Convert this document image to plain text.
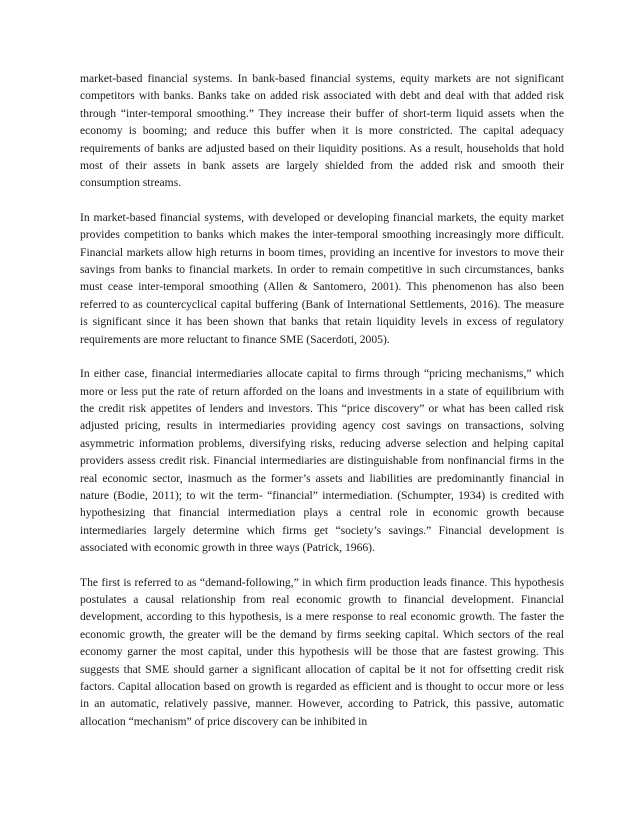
market-based financial systems. In bank-based financial systems, equity markets are not significant competitors with banks. Banks take on added risk associated with debt and deal with that added risk through “inter-temporal smoothing.” They increase their buffer of short-term liquid assets when the economy is booming; and reduce this buffer when it is more constricted. The capital adequacy requirements of banks are adjusted based on their liquidity positions. As a result, households that hold most of their assets in bank assets are largely shielded from the added risk and smooth their consumption streams.

In market-based financial systems, with developed or developing financial markets, the equity market provides competition to banks which makes the inter-temporal smoothing increasingly more difficult. Financial markets allow high returns in boom times, providing an incentive for investors to move their savings from banks to financial markets. In order to remain competitive in such circumstances, banks must cease inter-temporal smoothing (Allen & Santomero, 2001). This phenomenon has also been referred to as countercyclical capital buffering (Bank of International Settlements, 2016). The measure is significant since it has been shown that banks that retain liquidity levels in excess of regulatory requirements are more reluctant to finance SME (Sacerdoti, 2005).

In either case, financial intermediaries allocate capital to firms through “pricing mechanisms,” which more or less put the rate of return afforded on the loans and investments in a state of equilibrium with the credit risk appetites of lenders and investors. This “price discovery” or what has been called risk adjusted pricing, results in intermediaries providing agency cost savings on transactions, solving asymmetric information problems, diversifying risks, reducing adverse selection and helping capital providers assess credit risk. Financial intermediaries are distinguishable from nonfinancial firms in the real economic sector, inasmuch as the former’s assets and liabilities are predominantly financial in nature (Bodie, 2011); to wit the term- “financial” intermediation. (Schumpter, 1934) is credited with hypothesizing that financial intermediation plays a central role in economic growth because intermediaries largely determine which firms get “society’s savings.” Financial development is associated with economic growth in three ways (Patrick, 1966).

The first is referred to as “demand-following,” in which firm production leads finance. This hypothesis postulates a causal relationship from real economic growth to financial development. Financial development, according to this hypothesis, is a mere response to real economic growth. The faster the economic growth, the greater will be the demand by firms seeking capital. Which sectors of the real economy garner the most capital, under this hypothesis will be those that are fastest growing. This suggests that SME should garner a significant allocation of capital be it not for offsetting credit risk factors. Capital allocation based on growth is regarded as efficient and is thought to occur more or less in an automatic, relatively passive, manner. However, according to Patrick, this passive, automatic allocation “mechanism” of price discovery can be inhibited in
